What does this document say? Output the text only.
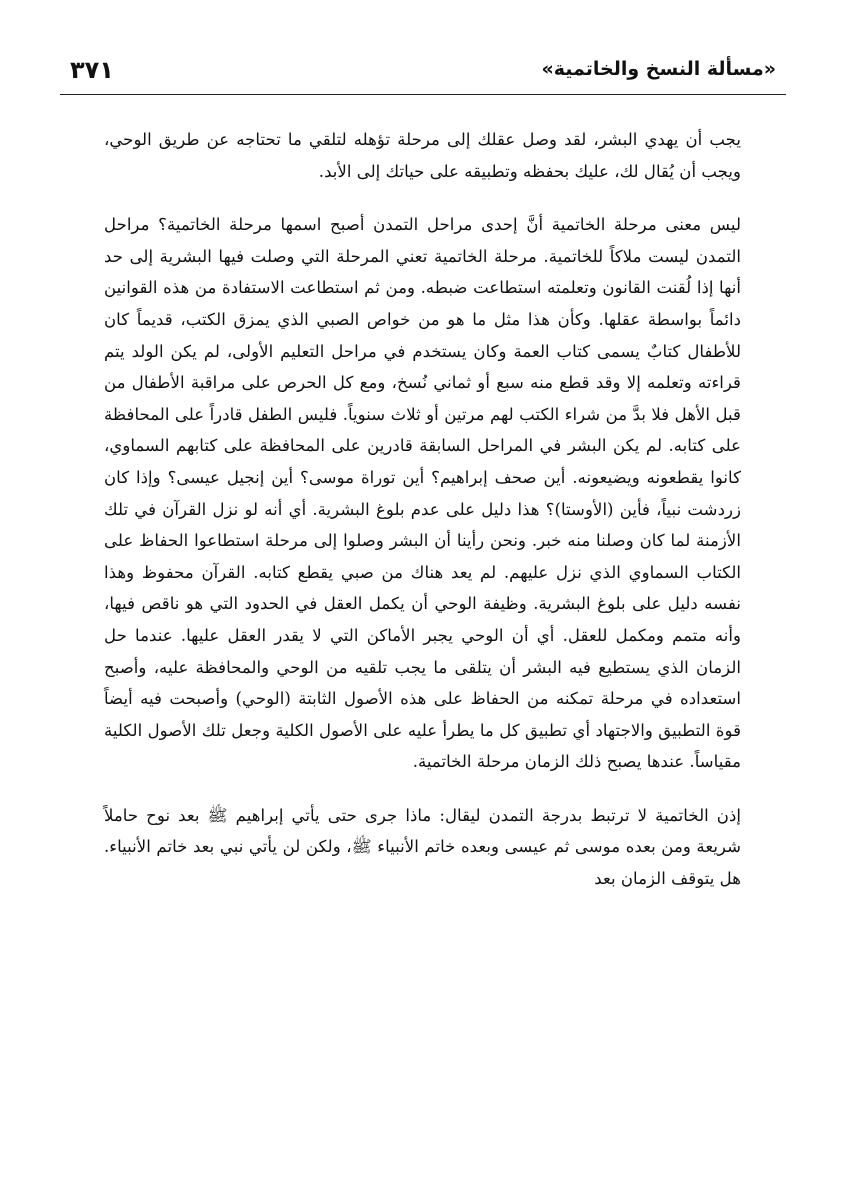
«مسألة النسخ والخاتمية»
٣٧١

يجب أن يهدي البشر، لقد وصل عقلك إلى مرحلة تؤهله لتلقي ما تحتاجه عن طريق الوحي، ويجب أن يُقال لك، عليك بحفظه وتطبيقه على حياتك إلى الأبد.

ليس معنى مرحلة الخاتمية أنَّ إحدى مراحل التمدن أصبح اسمها مرحلة الخاتمية؟ مراحل التمدن ليست ملاكاً للخاتمية. مرحلة الخاتمية تعني المرحلة التي وصلت فيها البشرية إلى حد أنها إذا لُقنت القانون وتعلمته استطاعت ضبطه. ومن ثم استطاعت الاستفادة من هذه القوانين دائماً بواسطة عقلها. وكأن هذا مثل ما هو من خواص الصبي الذي يمزق الكتب، قديماً كان للأطفال كتابٌ يسمى كتاب العمة وكان يستخدم في مراحل التعليم الأولى، لم يكن الولد يتم قراءته وتعلمه إلا وقد قطع منه سبع أو ثماني نُسخ، ومع كل الحرص على مراقبة الأطفال من قبل الأهل فلا بدَّ من شراء الكتب لهم مرتين أو ثلاث سنوياً. فليس الطفل قادراً على المحافظة على كتابه. لم يكن البشر في المراحل السابقة قادرين على المحافظة على كتابهم السماوي، كانوا يقطعونه ويضيعونه. أين صحف إبراهيم؟ أين توراة موسى؟ أين إنجيل عيسى؟ وإذا كان زردشت نبياً، فأين (الأوستا)؟ هذا دليل على عدم بلوغ البشرية. أي أنه لو نزل القرآن في تلك الأزمنة لما كان وصلنا منه خبر. ونحن رأينا أن البشر وصلوا إلى مرحلة استطاعوا الحفاظ على الكتاب السماوي الذي نزل عليهم. لم يعد هناك من صبي يقطع كتابه. القرآن محفوظ وهذا نفسه دليل على بلوغ البشرية. وظيفة الوحي أن يكمل العقل في الحدود التي هو ناقص فيها، وأنه متمم ومكمل للعقل. أي أن الوحي يجبر الأماكن التي لا يقدر العقل عليها. عندما حل الزمان الذي يستطيع فيه البشر أن يتلقى ما يجب تلقيه من الوحي والمحافظة عليه، وأصبح استعداده في مرحلة تمكنه من الحفاظ على هذه الأصول الثابتة (الوحي) وأصبحت فيه أيضاً قوة التطبيق والاجتهاد أي تطبيق كل ما يطرأ عليه على الأصول الكلية وجعل تلك الأصول الكلية مقياساً. عندها يصبح ذلك الزمان مرحلة الخاتمية.

إذن الخاتمية لا ترتبط بدرجة التمدن ليقال: ماذا جرى حتى يأتي إبراهيم ﷺ بعد نوح حاملاً شريعة ومن بعده موسى ثم عيسى وبعده خاتم الأنبياء ﷺ، ولكن لن يأتي نبي بعد خاتم الأنبياء. هل يتوقف الزمان بعد
